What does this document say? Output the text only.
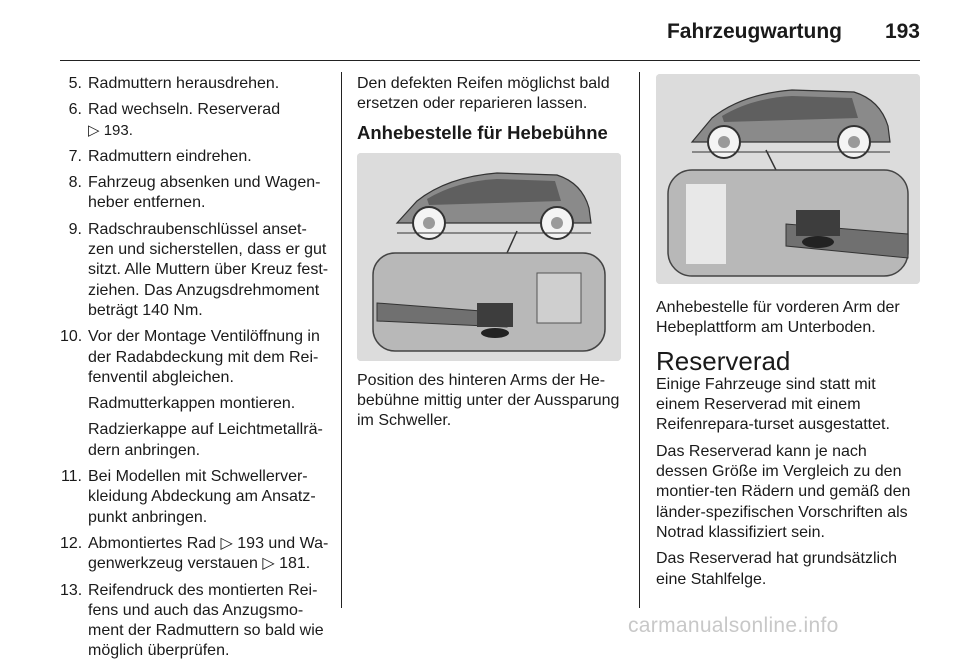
Fahrzeugwartung 193
5. Radmuttern herausdrehen.
6. Rad wechseln. Reserverad
▷ 193.
7. Radmuttern eindrehen.
8. Fahrzeug absenken und Wagen-heber entfernen.
9. Radschraubenschlüssel anset-zen und sicherstellen, dass er gut sitzt. Alle Muttern über Kreuz fest-ziehen. Das Anzugsdrehmoment beträgt 140 Nm.
10. Vor der Montage Ventilöffnung in der Radabdeckung mit dem Rei-fenventil abgleichen.
Radmutterkappen montieren.
Radzierkappe auf Leichtmetallrä-dern anbringen.
11. Bei Modellen mit Schwellerver-kleidung Abdeckung am Ansatz-punkt anbringen.
12. Abmontiertes Rad ▷ 193 und Wa-genwerkzeug verstauen ▷ 181.
13. Reifendruck des montierten Rei-fens und auch das Anzugsmo-ment der Radmuttern so bald wie möglich überprüfen.

Den defekten Reifen möglichst bald ersetzen oder reparieren lassen.

Anhebestelle für Hebebühne

Position des hinteren Arms der He-bebühne mittig unter der Aussparung im Schweller.

Anhebestelle für vorderen Arm der Hebeplattform am Unterboden.

Reserverad

Einige Fahrzeuge sind statt mit einem Reserverad mit einem Reifenrepara-turset ausgestattet.

Das Reserverad kann je nach dessen Größe im Vergleich zu den montier-ten Rädern und gemäß den länder-spezifischen Vorschriften als Notrad klassifiziert sein.

Das Reserverad hat grundsätzlich eine Stahlfelge.

carmanualsonline.info
